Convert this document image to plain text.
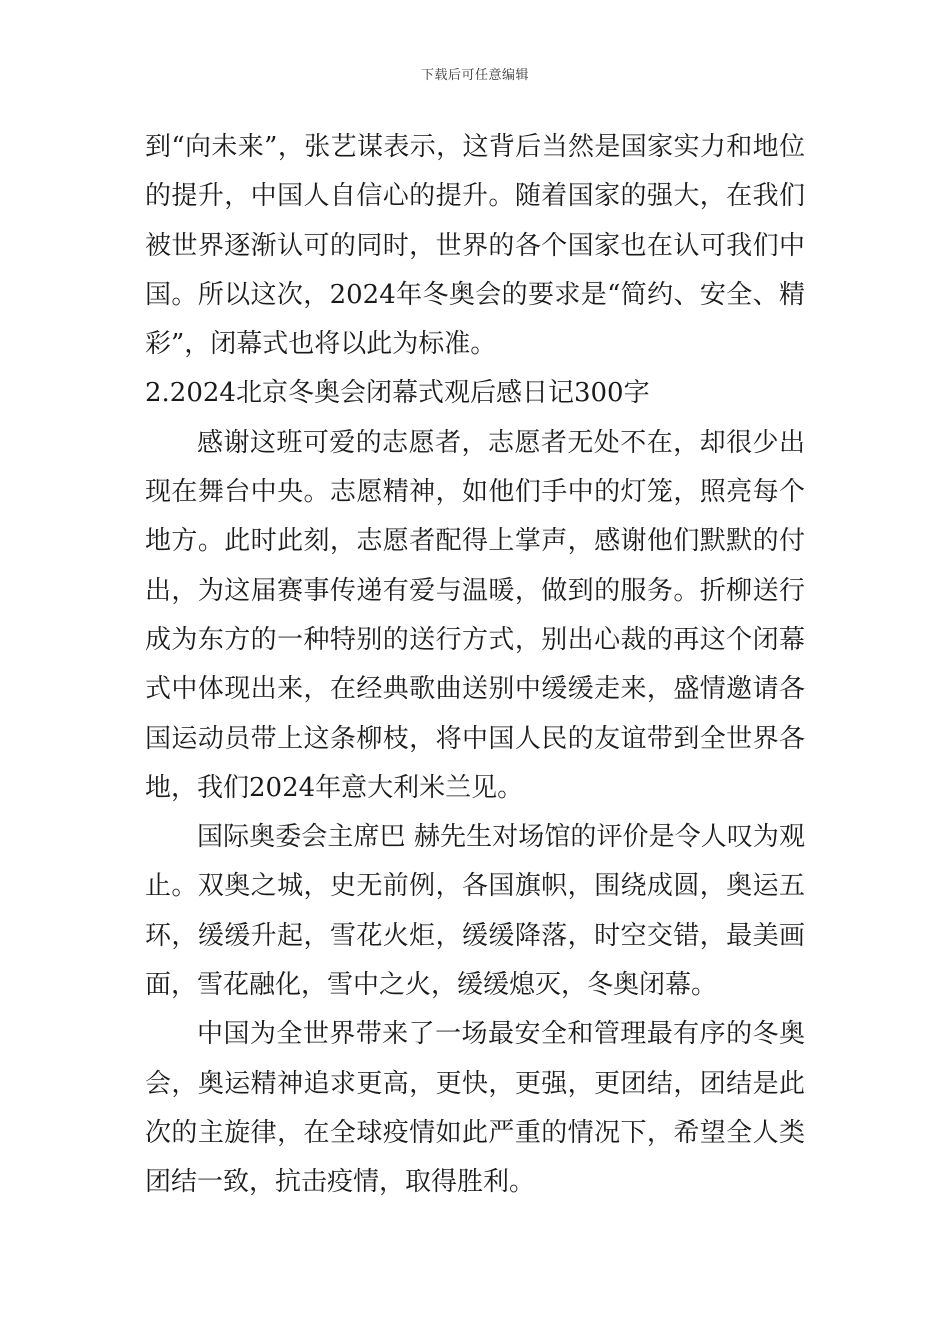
下载后可任意编辑

到“向未来”，张艺谋表示，这背后当然是国家实力和地位的提升，中国人自信心的提升。随着国家的强大，在我们被世界逐渐认可的同时，世界的各个国家也在认可我们中国。所以这次，2024年冬奥会的要求是“简约、安全、精彩”，闭幕式也将以此为标准。

2.2024北京冬奥会闭幕式观后感日记300字

感谢这班可爱的志愿者，志愿者无处不在，却很少出现在舞台中央。志愿精神，如他们手中的灯笼，照亮每个地方。此时此刻，志愿者配得上掌声，感谢他们默默的付出，为这届赛事传递有爱与温暖，做到的服务。折柳送行成为东方的一种特别的送行方式，别出心裁的再这个闭幕式中体现出来，在经典歌曲送别中缓缓走来，盛情邀请各国运动员带上这条柳枝，将中国人民的友谊带到全世界各地，我们2024年意大利米兰见。

国际奥委会主席巴 赫先生对场馆的评价是令人叹为观止。双奥之城，史无前例，各国旗帜，围绕成圆，奥运五环，缓缓升起，雪花火炬，缓缓降落，时空交错，最美画面，雪花融化，雪中之火，缓缓熄灭，冬奥闭幕。

中国为全世界带来了一场最安全和管理最有序的冬奥会，奥运精神追求更高，更快，更强，更团结，团结是此次的主旋律，在全球疫情如此严重的情况下，希望全人类团结一致，抗击疫情，取得胜利。
